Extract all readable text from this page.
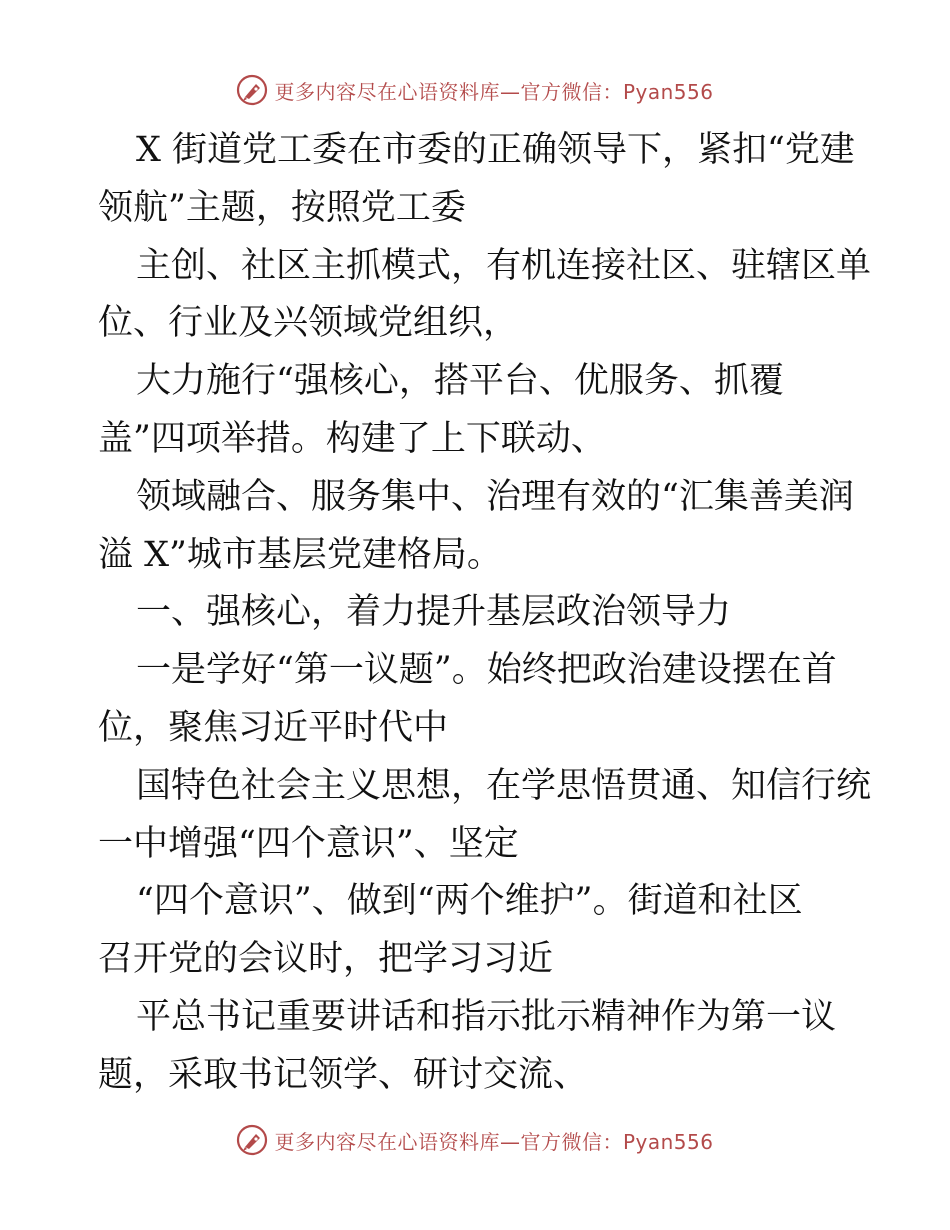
更多内容尽在心语资料库—官方微信：Pyan556

X 街道党工委在市委的正确领导下，紧扣“党建
领航”主题，按照党工委
主创、社区主抓模式，有机连接社区、驻辖区单
位、行业及兴领域党组织，
大力施行“强核心，搭平台、优服务、抓覆
盖”四项举措。构建了上下联动、
领域融合、服务集中、治理有效的“汇集善美润
溢 X”城市基层党建格局。
一、强核心，着力提升基层政治领导力
一是学好“第一议题”。始终把政治建设摆在首
位，聚焦习近平时代中
国特色社会主义思想，在学思悟贯通、知信行统
一中增强“四个意识”、坚定
“四个意识”、做到“两个维护”。街道和社区
召开党的会议时，把学习习近
平总书记重要讲话和指示批示精神作为第一议
题，采取书记领学、研讨交流、

更多内容尽在心语资料库—官方微信：Pyan556
